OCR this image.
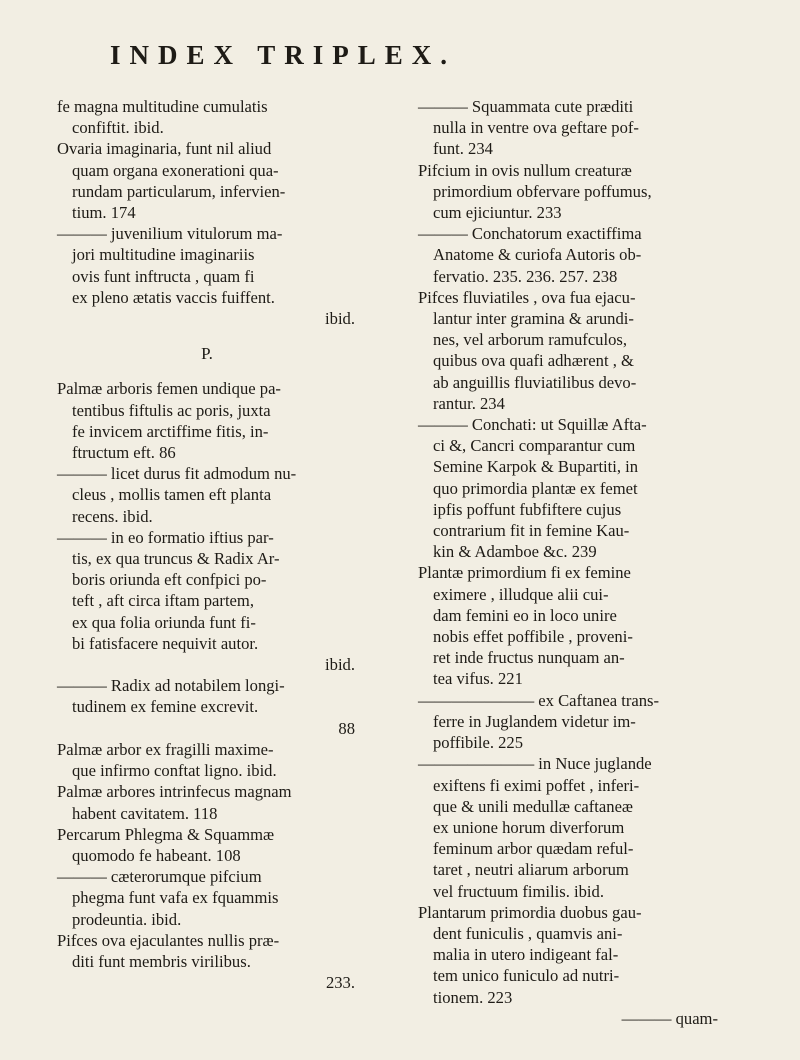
INDEX TRIPLEX.
fe magna multitudine cumulatis
confiftit. ibid.
Ovaria imaginaria, funt nil aliud
quam organa exonerationi qua-
rundam particularum, infervien-
tium. 174
——— juvenilium vitulorum ma-
jori multitudine imaginariis
ovis funt inftructa , quam fi
ex pleno ætatis vaccis fuiffent.
ibid.
P.
Palmæ arboris femen undique pa-
tentibus fiftulis ac poris, juxta
fe invicem arctiffime fitis, in-
ftructum eft. 86
——— licet durus fit admodum nu-
cleus , mollis tamen eft planta
recens. ibid.
——— in eo formatio iftius par-
tis, ex qua truncus & Radix Ar-
boris oriunda eft confpici po-
teft , aft circa iftam partem,
ex qua folia oriunda funt fi-
bi fatisfacere nequivit autor.
ibid.
——— Radix ad notabilem longi-
tudinem ex femine excrevit.
88
Palmæ arbor ex fragilli maxime-
que infirmo conftat ligno. ibid.
Palmæ arbores intrinfecus magnam
habent cavitatem. 118
Percarum Phlegma & Squammæ
quomodo fe habeant. 108
——— cæterorumque pifcium
phegma funt vafa ex fquammis
prodeuntia. ibid.
Pifces ova ejaculantes nullis præ-
diti funt membris virilibus.
233.
——— Squammata cute præditi
nulla in ventre ova geftare pof-
funt. 234
Pifcium in ovis nullum creaturæ
primordium obfervare poffumus,
cum ejiciuntur. 233
——— Conchatorum exactiffima
Anatome & curiofa Autoris ob-
fervatio. 235. 236. 257. 238
Pifces fluviatiles , ova fua ejacu-
lantur inter gramina & arundi-
nes, vel arborum ramufculos,
quibus ova quafi adhærent , &
ab anguillis fluviatilibus devo-
rantur. 234
——— Conchati: ut Squillæ Afta-
ci &, Cancri comparantur cum
Semine Karpok & Bupartiti, in
quo primordia plantæ ex femet
ipfis poffunt fubfiftere cujus
contrarium fit in femine Kau-
kin & Adamboe &c. 239
Plantæ primordium fi ex femine
eximere , illudque alii cui-
dam femini eo in loco unire
nobis effet poffibile , proveni-
ret inde fructus nunquam an-
tea vifus. 221
——————— ex Caftanea trans-
ferre in Juglandem videtur im-
poffibile. 225
——————— in Nuce juglande
exiftens fi eximi poffet , inferi-
que & unili medullæ caftaneæ
ex unione horum diverforum
feminum arbor quædam reful-
taret , neutri aliarum arborum
vel fructuum fimilis. ibid.
Plantarum primordia duobus gau-
dent funiculis , quamvis ani-
malia in utero indigeant fal-
tem unico funiculo ad nutri-
tionem. 223
——— quam-
